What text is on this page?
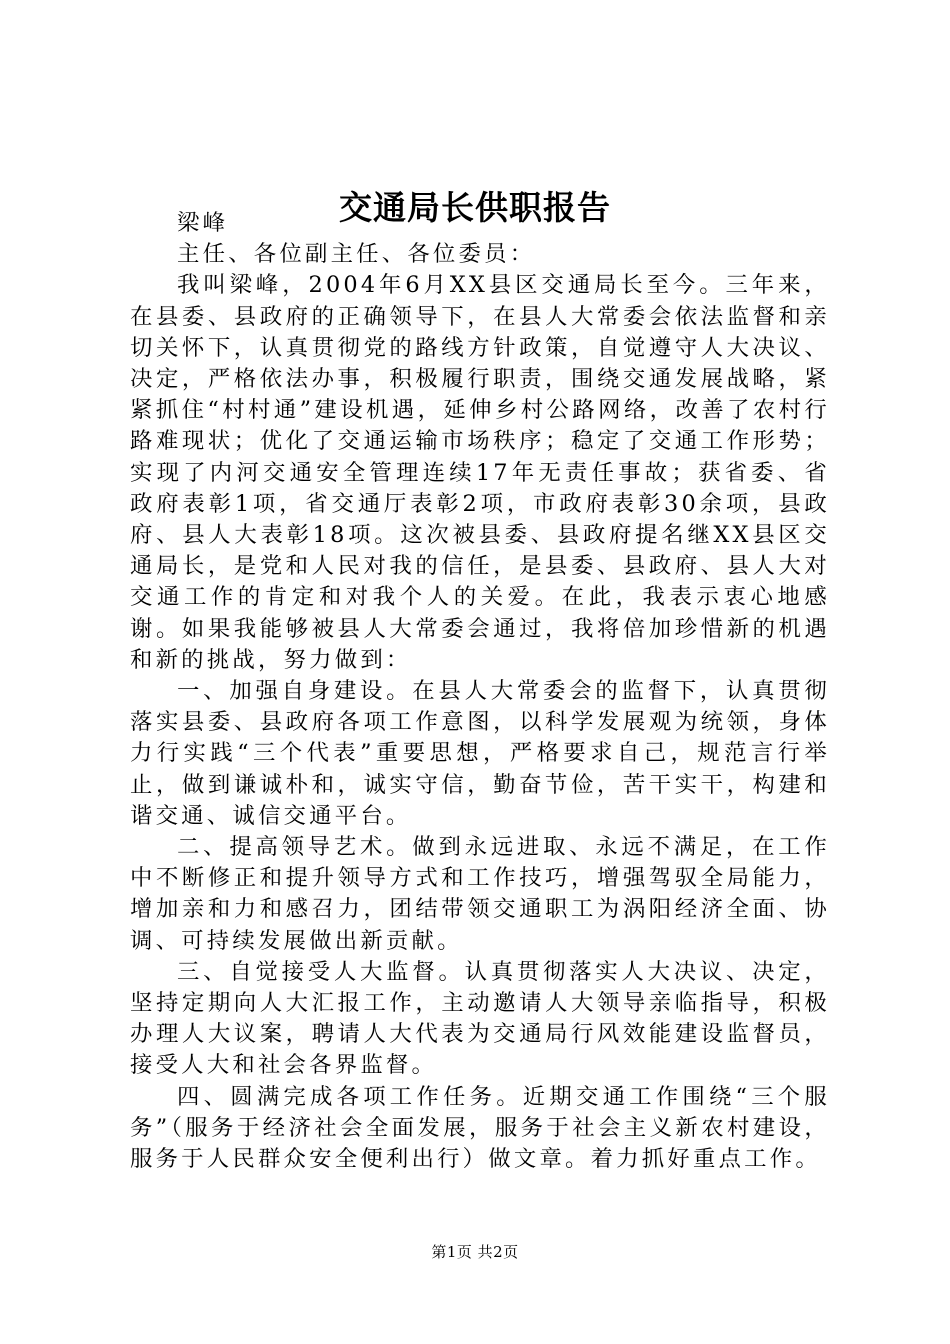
交通局长供职报告

梁峰

主任、各位副主任、各位委员：

我叫梁峰，2004年6月XX县区交通局长至今。三年来，在县委、县政府的正确领导下，在县人大常委会依法监督和亲切关怀下，认真贯彻党的路线方针政策，自觉遵守人大决议、决定，严格依法办事，积极履行职责，围绕交通发展战略，紧紧抓住“村村通”建设机遇，延伸乡村公路网络，改善了农村行路难现状；优化了交通运输市场秩序；稳定了交通工作形势；实现了内河交通安全管理连续17年无责任事故；获省委、省政府表彰1项，省交通厅表彰2项，市政府表彰30余项，县政府、县人大表彰18项。这次被县委、县政府提名继XX县区交通局长，是党和人民对我的信任，是县委、县政府、县人大对交通工作的肯定和对我个人的关爱。在此，我表示衷心地感谢。如果我能够被县人大常委会通过，我将倍加珍惜新的机遇和新的挑战，努力做到：

一、加强自身建设。在县人大常委会的监督下，认真贯彻落实县委、县政府各项工作意图，以科学发展观为统领，身体力行实践“三个代表”重要思想，严格要求自己，规范言行举止，做到谦诚朴和，诚实守信，勤奋节俭，苦干实干，构建和谐交通、诚信交通平台。

二、提高领导艺术。做到永远进取、永远不满足，在工作中不断修正和提升领导方式和工作技巧，增强驾驭全局能力，增加亲和力和感召力，团结带领交通职工为涡阳经济全面、协调、可持续发展做出新贡献。

三、自觉接受人大监督。认真贯彻落实人大决议、决定，坚持定期向人大汇报工作，主动邀请人大领导亲临指导，积极办理人大议案，聘请人大代表为交通局行风效能建设监督员，接受人大和社会各界监督。

四、圆满完成各项工作任务。近期交通工作围绕“三个服务”（服务于经济社会全面发展，服务于社会主义新农村建设，服务于人民群众安全便利出行）做文章。着力抓好重点工作。

第1页 共2页
